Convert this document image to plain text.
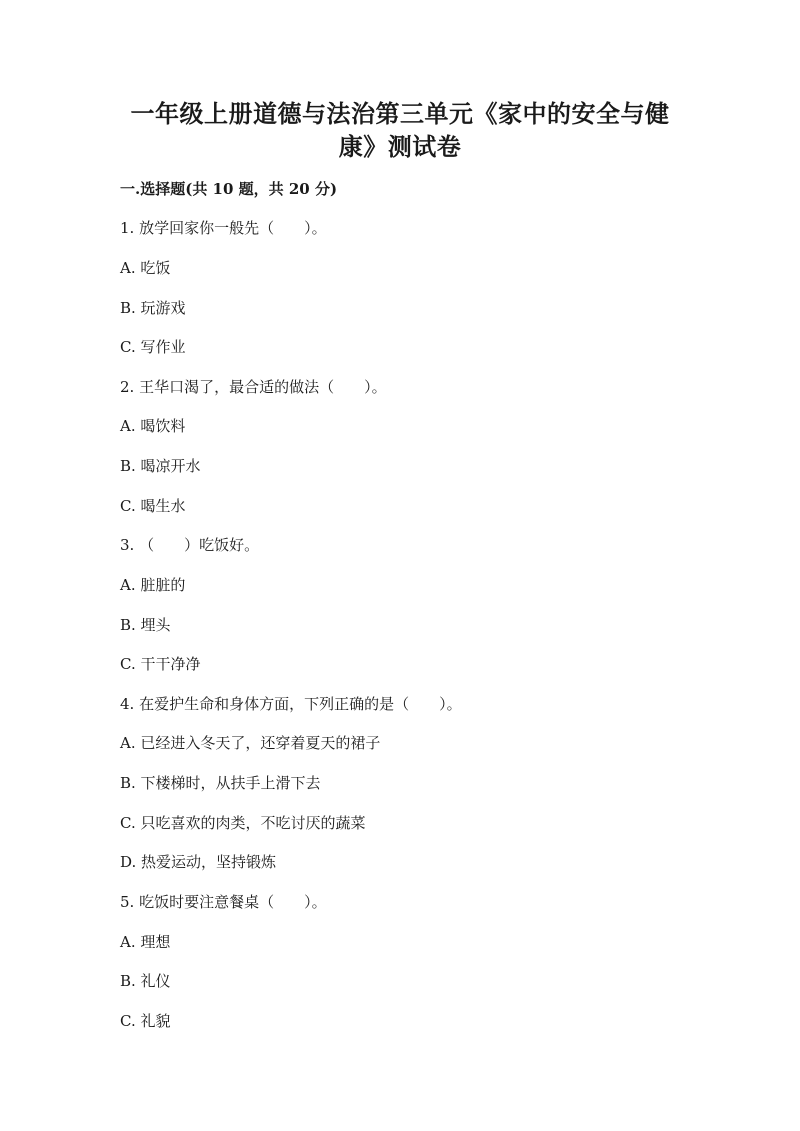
一年级上册道德与法治第三单元《家中的安全与健
康》测试卷
一.选择题(共 10 题，共 20 分)
1. 放学回家你一般先（　　）。
A. 吃饭
B. 玩游戏
C. 写作业
2. 王华口渴了，最合适的做法（　　）。
A. 喝饮料
B. 喝凉开水
C. 喝生水
3. （　　）吃饭好。
A. 脏脏的
B. 埋头
C. 干干净净
4. 在爱护生命和身体方面，下列正确的是（　　）。
A. 已经进入冬天了，还穿着夏天的裙子
B. 下楼梯时，从扶手上滑下去
C. 只吃喜欢的肉类，不吃讨厌的蔬菜
D. 热爱运动，坚持锻炼
5. 吃饭时要注意餐桌（　　）。
A. 理想
B. 礼仪
C. 礼貌
